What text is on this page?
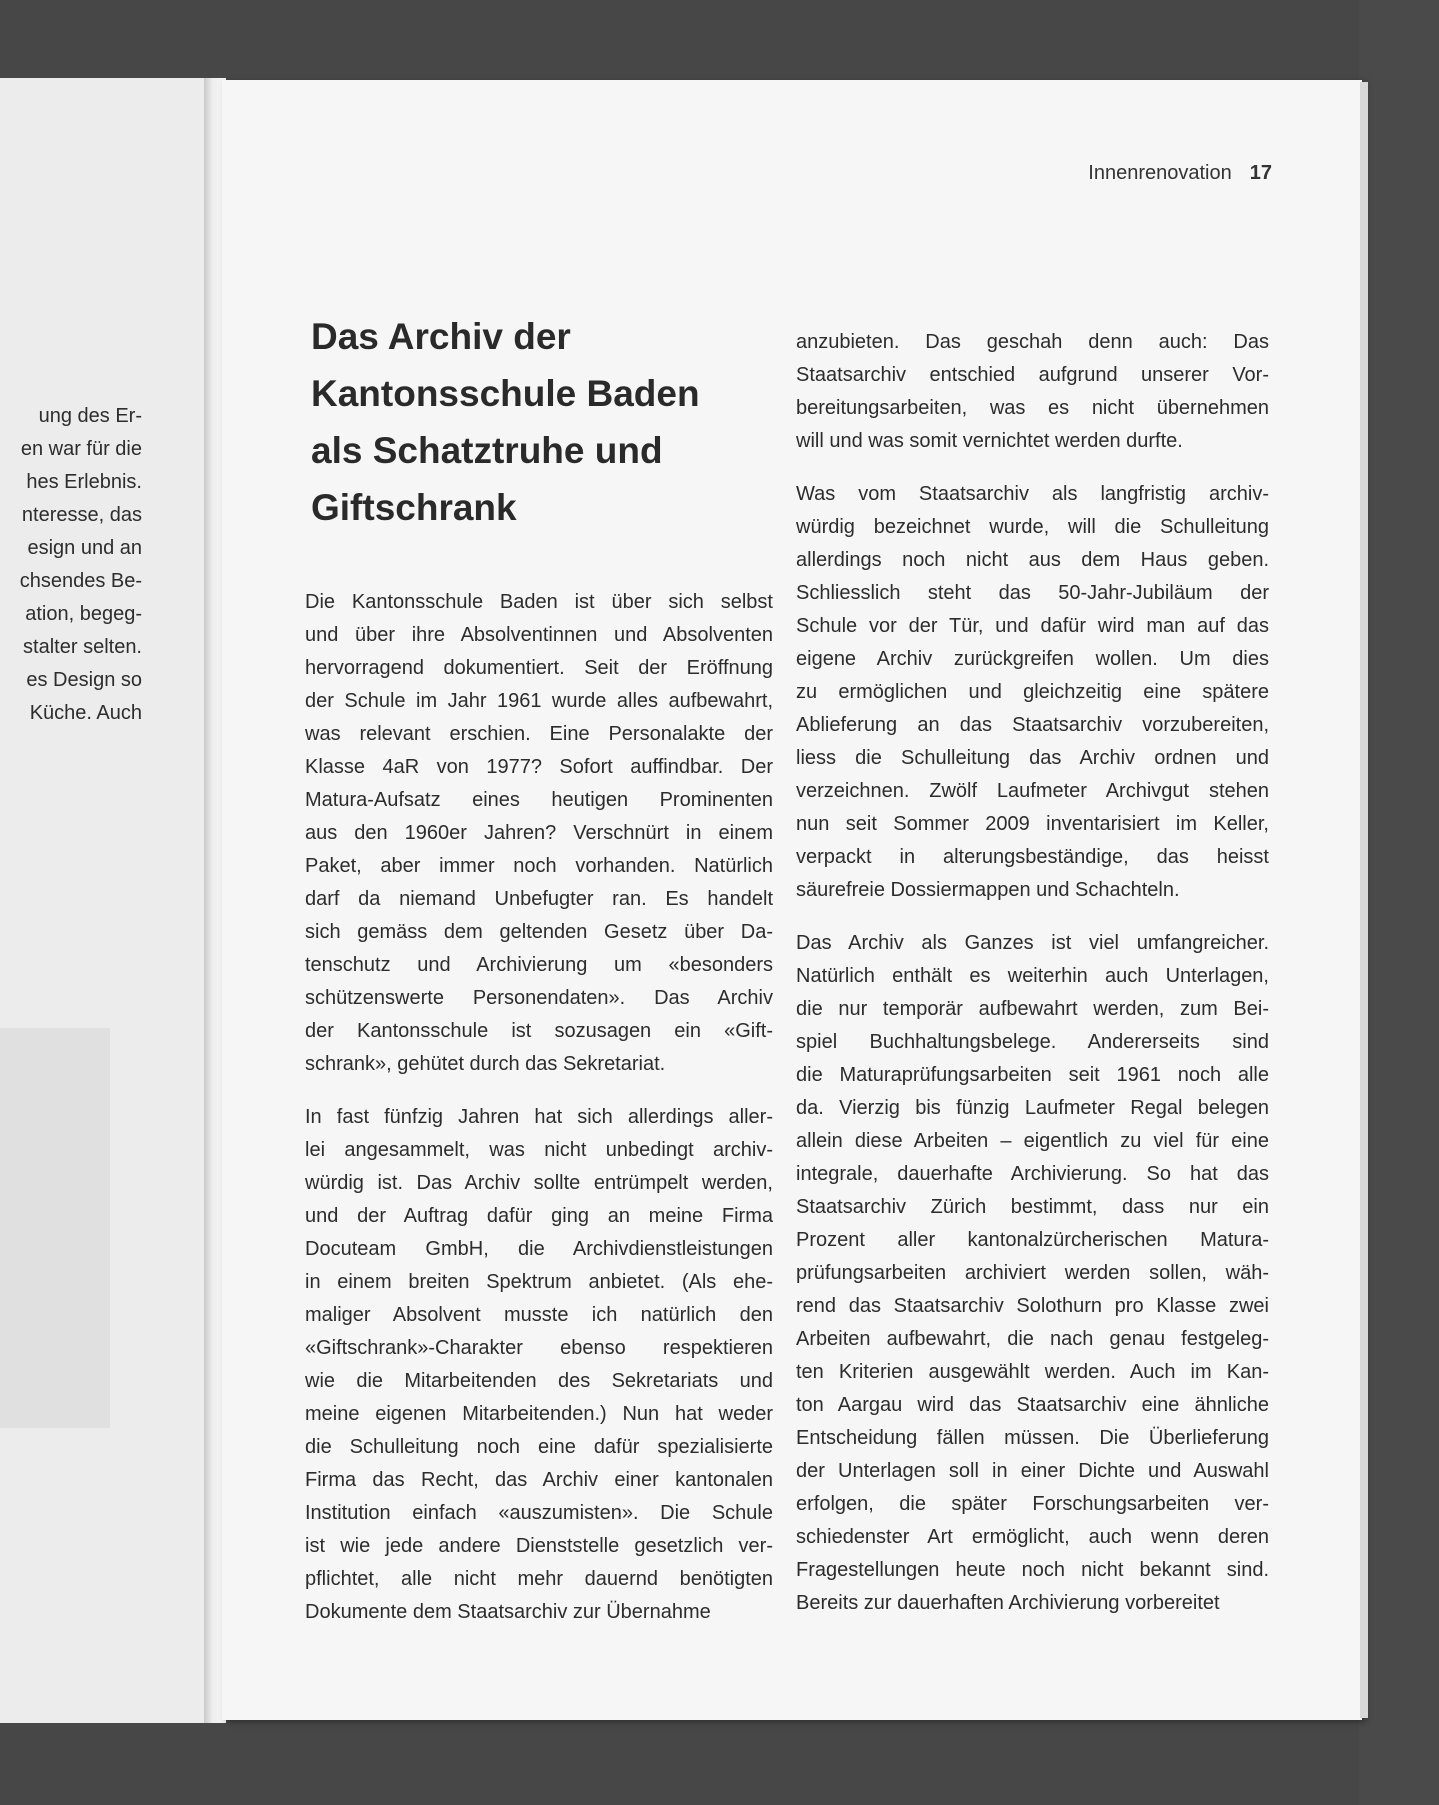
ung des Er-
en war für die
hes Erlebnis.
nteresse, das
esign und an
chsendes Be-
ation, begeg-
stalter selten.
es Design so
Küche. Auch
Innenrenovation 17
Das Archiv der
Kantonsschule Baden
als Schatztruhe und
Giftschrank
Die Kantonsschule Baden ist über sich selbst
und über ihre Absolventinnen und Absolventen
hervorragend dokumentiert. Seit der Eröffnung
der Schule im Jahr 1961 wurde alles aufbewahrt,
was relevant erschien. Eine Personalakte der
Klasse 4aR von 1977? Sofort auffindbar. Der
Matura-Aufsatz eines heutigen Prominenten
aus den 1960er Jahren? Verschnürt in einem
Paket, aber immer noch vorhanden. Natürlich
darf da niemand Unbefugter ran. Es handelt
sich gemäss dem geltenden Gesetz über Da-
tenschutz und Archivierung um «besonders
schützenswerte Personendaten». Das Archiv
der Kantonsschule ist sozusagen ein «Gift-
schrank», gehütet durch das Sekretariat.
In fast fünfzig Jahren hat sich allerdings aller-
lei angesammelt, was nicht unbedingt archiv-
würdig ist. Das Archiv sollte entrümpelt werden,
und der Auftrag dafür ging an meine Firma
Docuteam GmbH, die Archivdienstleistungen
in einem breiten Spektrum anbietet. (Als ehe-
maliger Absolvent musste ich natürlich den
«Giftschrank»-Charakter ebenso respektieren
wie die Mitarbeitenden des Sekretariats und
meine eigenen Mitarbeitenden.) Nun hat weder
die Schulleitung noch eine dafür spezialisierte
Firma das Recht, das Archiv einer kantonalen
Institution einfach «auszumisten». Die Schule
ist wie jede andere Dienststelle gesetzlich ver-
pflichtet, alle nicht mehr dauernd benötigten
Dokumente dem Staatsarchiv zur Übernahme
anzubieten. Das geschah denn auch: Das
Staatsarchiv entschied aufgrund unserer Vor-
bereitungsarbeiten, was es nicht übernehmen
will und was somit vernichtet werden durfte.
Was vom Staatsarchiv als langfristig archiv-
würdig bezeichnet wurde, will die Schulleitung
allerdings noch nicht aus dem Haus geben.
Schliesslich steht das 50-Jahr-Jubiläum der
Schule vor der Tür, und dafür wird man auf das
eigene Archiv zurückgreifen wollen. Um dies
zu ermöglichen und gleichzeitig eine spätere
Ablieferung an das Staatsarchiv vorzubereiten,
liess die Schulleitung das Archiv ordnen und
verzeichnen. Zwölf Laufmeter Archivgut stehen
nun seit Sommer 2009 inventarisiert im Keller,
verpackt in alterungsbeständige, das heisst
säurefreie Dossiermappen und Schachteln.
Das Archiv als Ganzes ist viel umfangreicher.
Natürlich enthält es weiterhin auch Unterlagen,
die nur temporär aufbewahrt werden, zum Bei-
spiel Buchhaltungsbelege. Andererseits sind
die Maturaprüfungsarbeiten seit 1961 noch alle
da. Vierzig bis fünzig Laufmeter Regal belegen
allein diese Arbeiten – eigentlich zu viel für eine
integrale, dauerhafte Archivierung. So hat das
Staatsarchiv Zürich bestimmt, dass nur ein
Prozent aller kantonalzürcherischen Matura-
prüfungsarbeiten archiviert werden sollen, wäh-
rend das Staatsarchiv Solothurn pro Klasse zwei
Arbeiten aufbewahrt, die nach genau festgeleg-
ten Kriterien ausgewählt werden. Auch im Kan-
ton Aargau wird das Staatsarchiv eine ähnliche
Entscheidung fällen müssen. Die Überlieferung
der Unterlagen soll in einer Dichte und Auswahl
erfolgen, die später Forschungsarbeiten ver-
schiedenster Art ermöglicht, auch wenn deren
Fragestellungen heute noch nicht bekannt sind.
Bereits zur dauerhaften Archivierung vorbereitet
